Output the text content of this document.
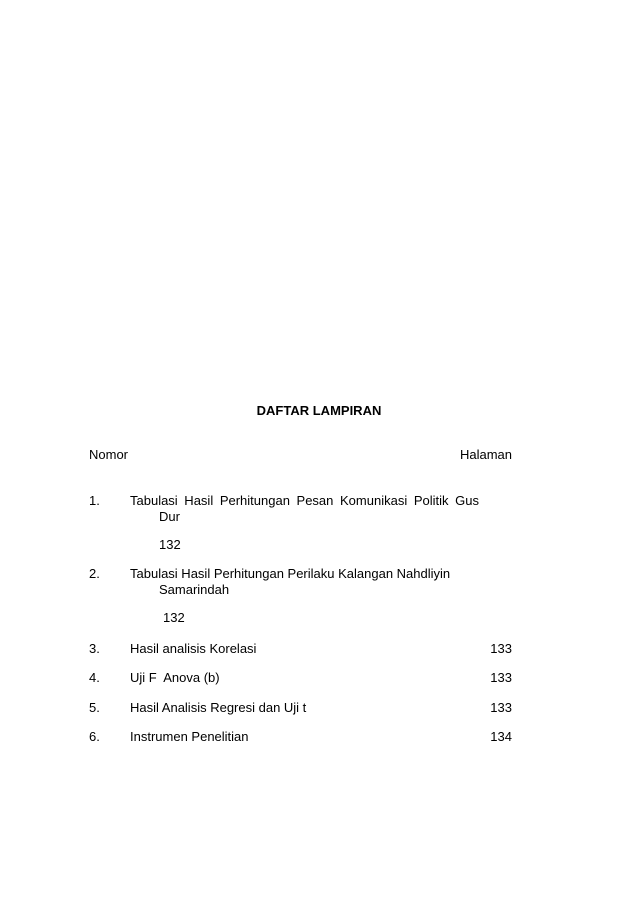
DAFTAR LAMPIRAN
Nomor	Halaman
1. Tabulasi Hasil Perhitungan Pesan Komunikasi Politik Gus
Dur
132
2. Tabulasi Hasil Perhitungan Perilaku Kalangan Nahdliyin
Samarindah
132
3. Hasil analisis Korelasi	133
4. Uji F  Anova (b)	133
5. Hasil Analisis Regresi dan Uji t	133
6. Instrumen Penelitian	134
